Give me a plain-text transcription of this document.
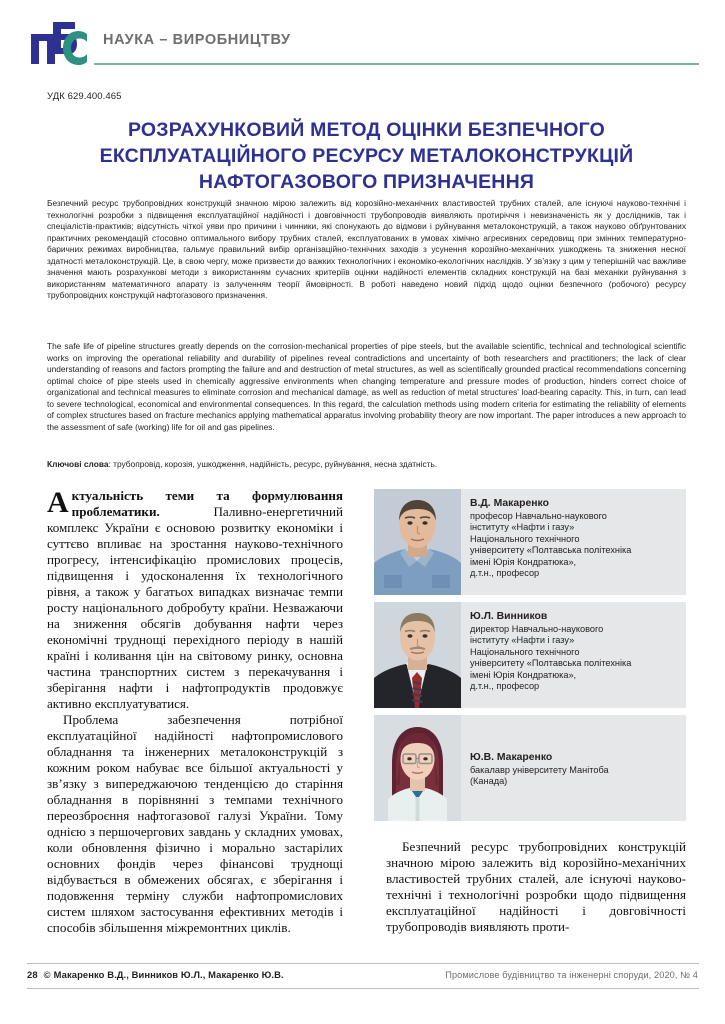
НАУКА – ВИРОБНИЦТВУ
УДК 629.400.465
РОЗРАХУНКОВИЙ МЕТОД ОЦІНКИ БЕЗПЕЧНОГО
ЕКСПЛУАТАЦІЙНОГО РЕСУРСУ МЕТАЛОКОНСТРУКЦІЙ
НАФТОГАЗОВОГО ПРИЗНАЧЕННЯ
Безпечний ресурс трубопровідних конструкцій значною мірою залежить від корозійно-механічних властивостей трубних сталей, але існуючі науково-технічні і технологічні розробки з підвищення експлуатаційної надійності і довговічності трубопроводів виявляють протиріччя і невизначеність як у дослідників, так і спеціалістів-практиків; відсутність чіткої уяви про причини і чинники, які спонукають до відмови і руйнування металоконструкцій, а також науково обґрунтованих практичних рекомендацій стосовно оптимального вибору трубних сталей, експлуатованих в умовах хімічно агресивних середовищ при змінних температурно-баричних режимах виробництва, гальмує правильний вибір організаційно-технічних заходів з усунення корозійно-механічних ушкоджень та зниження несної здатності металоконструкцій. Це, в свою чергу, може призвести до важких технологічних і економіко-екологічних наслідків. У зв’язку з цим у теперішній час важливе значення мають розрахункові методи з використанням сучасних критеріїв оцінки надійності елементів складних конструкцій на базі механіки руйнування з використанням математичного апарату із залученням теорії ймовірності. В роботі наведено новий підхід щодо оцінки безпечного (робочого) ресурсу трубопровідних конструкцій нафтогазового призначення.
The safe life of pipeline structures greatly depends on the corrosion-mechanical properties of pipe steels, but the available scientific, technical and technological scientific works on improving the operational reliability and durability of pipelines reveal contradictions and uncertainty of both researchers and practitioners; the lack of clear understanding of reasons and factors prompting the failure and and destruction of metal structures, as well as scientifically grounded practical recommendations concerning optimal choice of pipe steels used in chemically aggressive environments when changing temperature and pressure modes of production, hinders correct choice of organizational and technical measures to eliminate corrosion and mechanical damage, as well as reduction of metal structures' load-bearing capacity. This, in turn, can lead to severe technological, economical and environmental consequences. In this regard, the calculation methods using modern criteria for estimating the reliability of elements of complex structures based on fracture mechanics applying mathematical apparatus involving probability theory are now important. The paper introduces a new approach to the assessment of safe (working) life for oil and gas pipelines.
Ключові слова: трубопровід, корозія, ушкодження, надійність, ресурс, руйнування, несна здатність.

Актуальність теми та формулювання проблематики. Паливно-енергетичний комплекс України є основою розвитку економіки і суттєво впливає на зростання науково-технічного прогресу, інтенсифікацію промислових процесів, підвищення і удосконалення їх технологічного рівня, а також у багатьох випадках визначає темпи росту національного добробуту країни. Незважаючи на зниження обсягів добування нафти через економічні труднощі перехідного періоду в нашій країні і коливання цін на світовому ринку, основна частина транспортних систем з перекачування і зберігання нафти і нафтопродуктів продовжує активно експлуатуватися.

Проблема забезпечення потрібної експлуатаційної надійності нафтопромислового обладнання та інженерних металоконструкцій з кожним роком набуває все більшої актуальності у зв’язку з випереджаючою тенденцією до старіння обладнання в порівнянні з темпами технічного переозброєння нафтогазової галузі України. Тому однією з першочергових завдань у складних умовах, коли обновлення фізично і морально застарілих основних фондів через фінансові труднощі відбувається в обмежених обсягах, є зберігання і подовження терміну служби нафтопромислових систем шляхом застосування ефективних методів і способів збільшення міжремонтних циклів.

В.Д. Макаренко
професор Навчально-наукового
інституту «Нафти і газу»
Національного технічного
університету «Полтавська політехніка
імені Юрія Кондратюка»,
д.т.н., професор
Ю.Л. Винников
директор Навчально-наукового
інституту «Нафти і газу»
Національного технічного
університету «Полтавська політехніка
імені Юрія Кондратюка»,
д.т.н., професор
Ю.В. Макаренко
бакалавр університету Манітоба
(Канада)

Безпечний ресурс трубопровідних конструкцій значною мірою залежить від корозійно-механічних властивостей трубних сталей, але існуючі науково-технічні і технологічні розробки щодо підвищення експлуатаційної надійності і довговічності трубопроводів виявляють проти-

28 © Макаренко В.Д., Винников Ю.Л., Макаренко Ю.В.	Промислове будівництво та інженерні споруди, 2020, № 4
